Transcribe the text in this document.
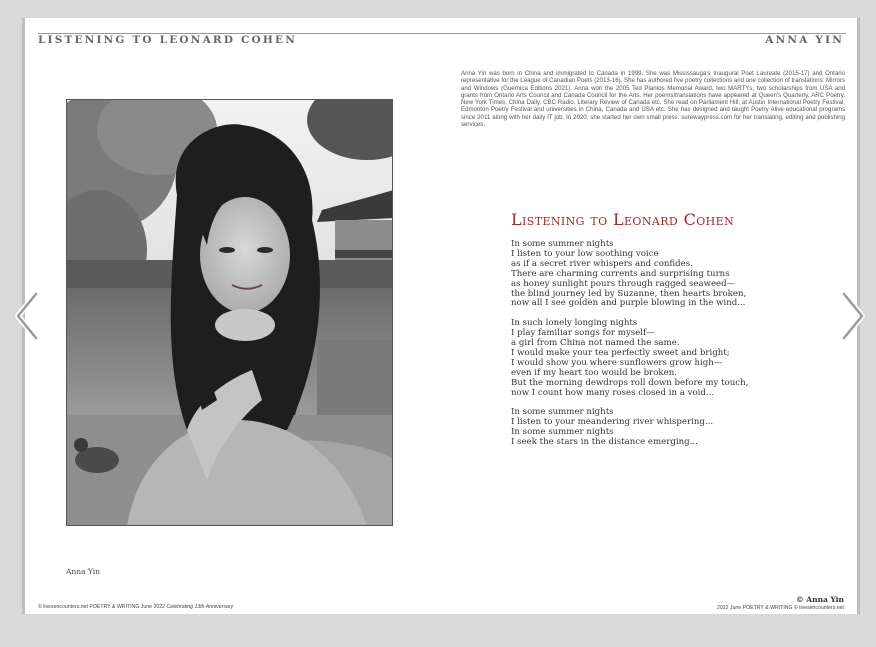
LISTENING TO LEONARD COHEN	ANNA YIN
Anna Yin was born in China and immigrated to Canada in 1999. She was Mississauga's Inaugural Poet Laureate (2015-17) and Ontario representative for the League of Canadian Poets (2013-16). She has authored five poetry collections and one collection of translations: Mirrors and Windows (Guernica Editions 2021). Anna won the 2005 Ted Plantos Memorial Award, two MARTYs, two scholarships from USA and grants from Ontario Arts Council and Canada Council for the Arts. Her poems/translations have appeared at Queen's Quarterly, ARC Poetry, New York Times, China Daily, CBC Radio, Literary Review of Canada etc. She read on Parliament Hill, at Austin International Poetry Festival, Edmonton Poetry Festival and universities in China, Canada and USA etc. She has designed and taught Poetry Alive educational programs since 2011 along with her daily IT job. In 2020, she started her own small press: surewaypress.com for her translating, editing and publishing services.
Listening to Leonard Cohen
In some summer nights
I listen to your low soothing voice
as if a secret river whispers and confides.
There are charming currents and surprising turns
as honey sunlight pours through ragged seaweed—
the blind journey led by Suzanne, then hearts broken,
now all I see golden and purple blowing in the wind...
In such lonely longing nights
I play familiar songs for myself—
a girl from China not named the same.
I would make your tea perfectly sweet and bright;
I would show you where sunflowers grow high—
even if my heart too would be broken.
But the morning dewdrops roll down before my touch,
now I count how many roses closed in a void...
In some summer nights
I listen to your meandering river whispering...
In some summer nights
I seek the stars in the distance emerging...
Anna Yin
© livesencounters.net POETRY & WRITING June 2022 Celebrating 13th Anniversary
© Anna Yin
2022 June POETRY & WRITING © livesencounters.net
